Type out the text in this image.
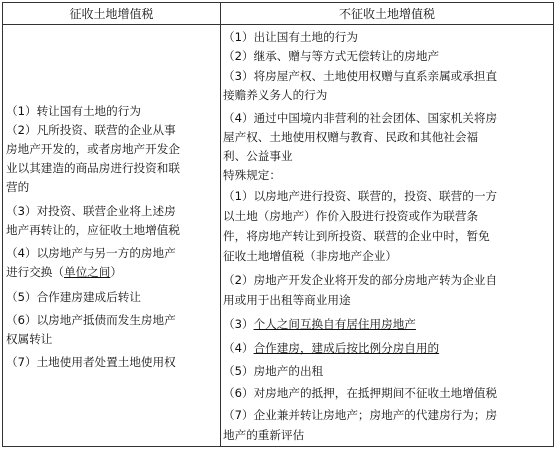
征收土地增值税	不征收土地增值税
（1）转让国有土地的行为
（2）凡所投资、联营的企业从事
房地产开发的，或者房地产开发企
业以其建造的商品房进行投资和联
营的
（3）对投资、联营企业将上述房
地产再转让的，应征收土地增值税
（4）以房地产与另一方的房地产
进行交换（单位之间）
（5）合作建房建成后转让
（6）以房地产抵债而发生房地产
权属转让
（7）土地使用者处置土地使用权
（1）出让国有土地的行为
（2）继承、赠与等方式无偿转让的房地产
（3）将房屋产权、土地使用权赠与直系亲属或承担直
接赡养义务人的行为
（4）通过中国境内非营利的社会团体、国家机关将房
屋产权、土地使用权赠与教育、民政和其他社会福
利、公益事业
特殊规定：
（1）以房地产进行投资、联营的，投资、联营的一方
以土地（房地产）作价入股进行投资或作为联营条
件，将房地产转让到所投资、联营的企业中时，暂免
征收土地增值税（非房地产企业）
（2）房地产开发企业将开发的部分房地产转为企业自
用或用于出租等商业用途
（3）个人之间互换自有居住用房地产
（4）合作建房，建成后按比例分房自用的
（5）房地产的出租
（6）对房地产的抵押，在抵押期间不征收土地增值税
（7）企业兼并转让房地产；房地产的代建房行为；房
地产的重新评估
